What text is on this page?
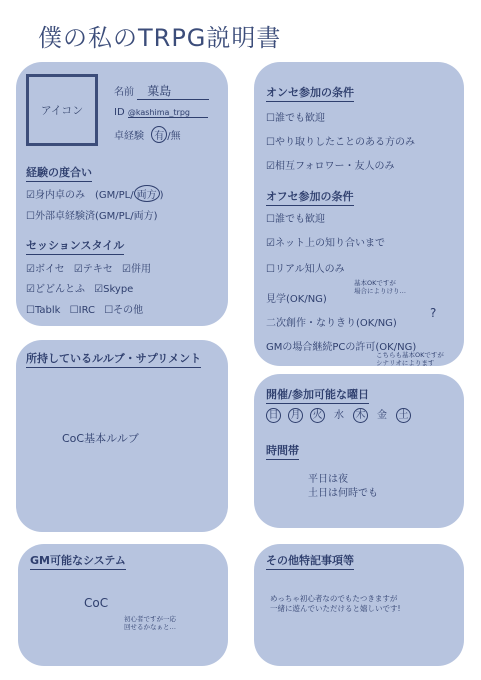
僕の私のTRPG説明書
アイコン
名前 菓島
ID @kashima_trpg
卓経験 有 /無
経験の度合い
☑身内卓のみ　(GM/PL/ 両方 )
☐外部卓経験済(GM/PL/両方)
セッションスタイル
☑ボイセ ☑テキセ ☑併用
☑どどんとふ ☑Skype
☐Tablk ☐IRC ☐その他
オンセ参加の条件
☐誰でも歓迎
☐やり取りしたことのある方のみ
☑相互フォロワー・友人のみ
オフセ参加の条件
☐誰でも歓迎
☑ネット上の知り合いまで
☐リアル知人のみ
見学(OK/NG)
基本OKですが
場合によりけり…
二次創作・なりきり(OK/NG)
?
GMの場合継続PCの許可(OK/NG)
こちらも基本OKですが
シナリオによります
所持しているルルブ・サプリメント
CoC基本ルルブ
開催/参加可能な曜日
日 月 火 水 木 金 土
時間帯
平日は夜
土日は何時でも
GM可能なシステム
CoC
初心者ですが一応
回せるかなぁと…
その他特記事項等
めっちゃ初心者なのでもたつきますが
一緒に遊んでいただけると嬉しいです!
